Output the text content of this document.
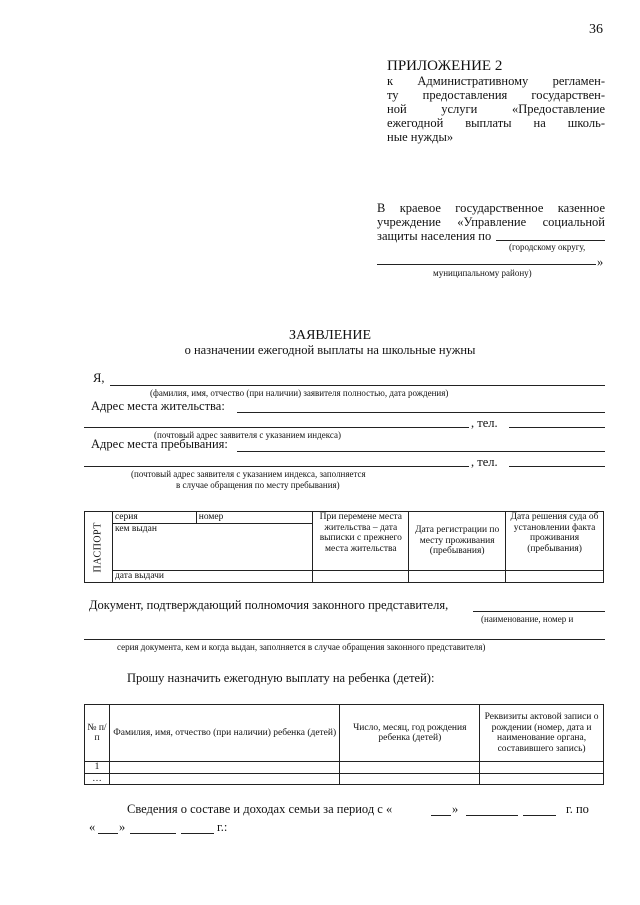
36
ПРИЛОЖЕНИЕ 2
к Административному регламен-
ту предоставления государствен-
ной услуги «Предоставление
ежегодной выплаты на школь-
ные нужды»
В краевое государственное казенное
учреждение «Управление социальной
защиты населения по
(городскому округу,
»
муниципальному району)
ЗАЯВЛЕНИЕ
о назначении ежегодной выплаты на школьные нужны
Я,
(фамилия, имя, отчество (при наличии) заявителя полностью, дата рождения)
Адрес места жительства:
, тел.
(почтовый адрес заявителя с указанием индекса)
Адрес места пребывания:
, тел.
(почтовый адрес заявителя с указанием индекса, заполняется
в случае обращения по месту пребывания)
ПАСПОРТ	серия	номер	При перемене места жительства – дата выписки с прежнего места жительства	Дата регистрации по месту проживания (пребывания)	Дата решения суда об установлении факта проживания (пребывания)
	кем выдан				
	дата выдачи				
Документ, подтверждающий полномочия законного представителя,
(наименование, номер и
серия документа, кем и когда выдан, заполняется в случае обращения законного представителя)
Прошу назначить ежегодную выплату на ребенка (детей):
№ п/п	Фамилия, имя, отчество (при наличии) ребенка (детей)	Число, месяц, год рождения ребенка (детей)	Реквизиты актовой записи о рождении (номер, дата и наименование органа, составившего запись)
1			
…			
Сведения о составе и доходах семьи за период с «	»	г. по
« »	г.:
